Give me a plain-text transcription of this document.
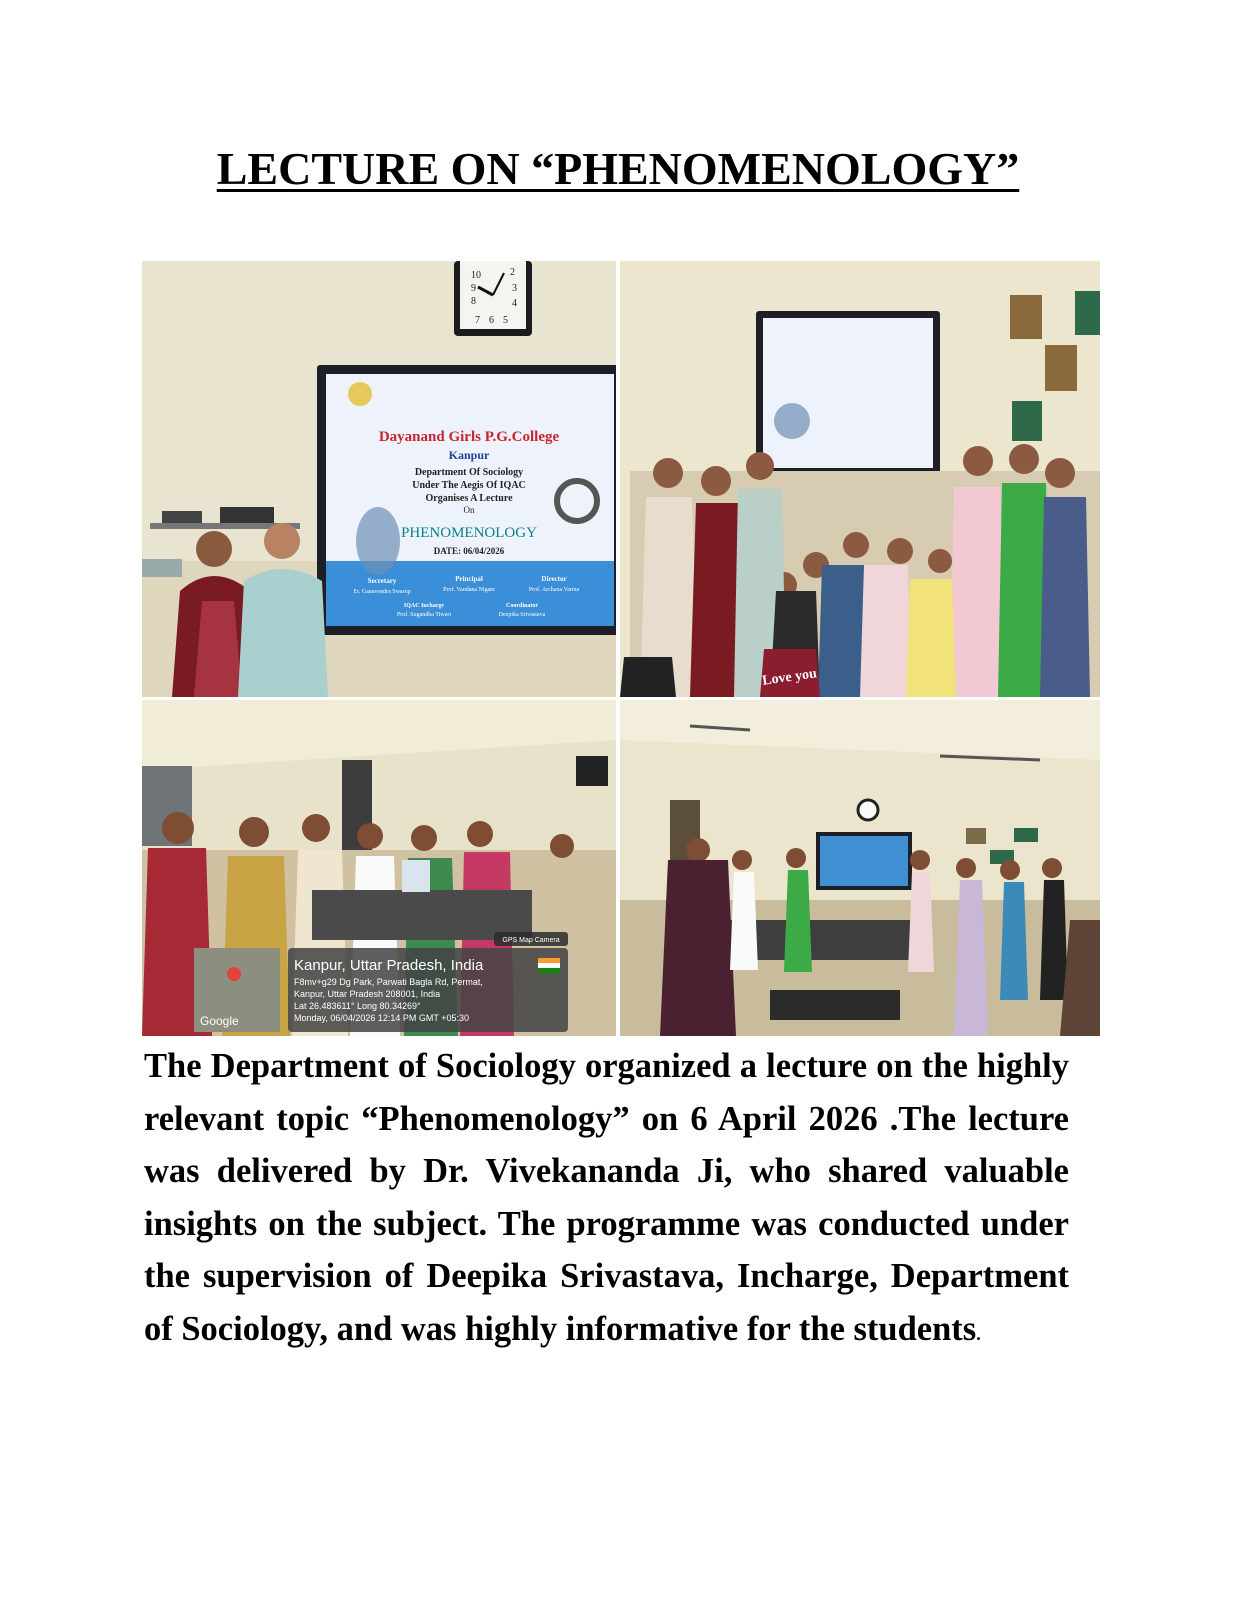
LECTURE ON “PHENOMENOLOGY”
10
9
8
7 6 5
2
3
4
Dayanand Girls P.G.College
Kanpur
Department Of Sociology
Under The Aegis Of IQAC
Organises A Lecture
On
PHENOMENOLOGY
DATE: 06/04/2026
Secretary
Er. Ganavendra Swarup
Principal
Prof. Vandana Nigam
Director
Prof. Archana Varma
IQAC Incharge
Prof. Sugandha Tiwari
Coordinator
Deepika Srivastava
Love you
GPS Map Camera
Google
Kanpur, Uttar Pradesh, India
F8mv+g29 Dg Park, Parwati Bagla Rd, Permat,
Kanpur, Uttar Pradesh 208001, India
Lat 26.483611° Long 80.34269°
Monday, 06/04/2026 12:14 PM GMT +05:30

The Department of Sociology organized a lecture on the highly relevant topic “Phenomenology” on 6 April 2026 .The lecture was delivered by Dr. Vivekananda Ji, who shared valuable insights on the subject. The programme was conducted under the supervision of Deepika Srivastava, Incharge, Department of Sociology, and was highly informative for the students.
